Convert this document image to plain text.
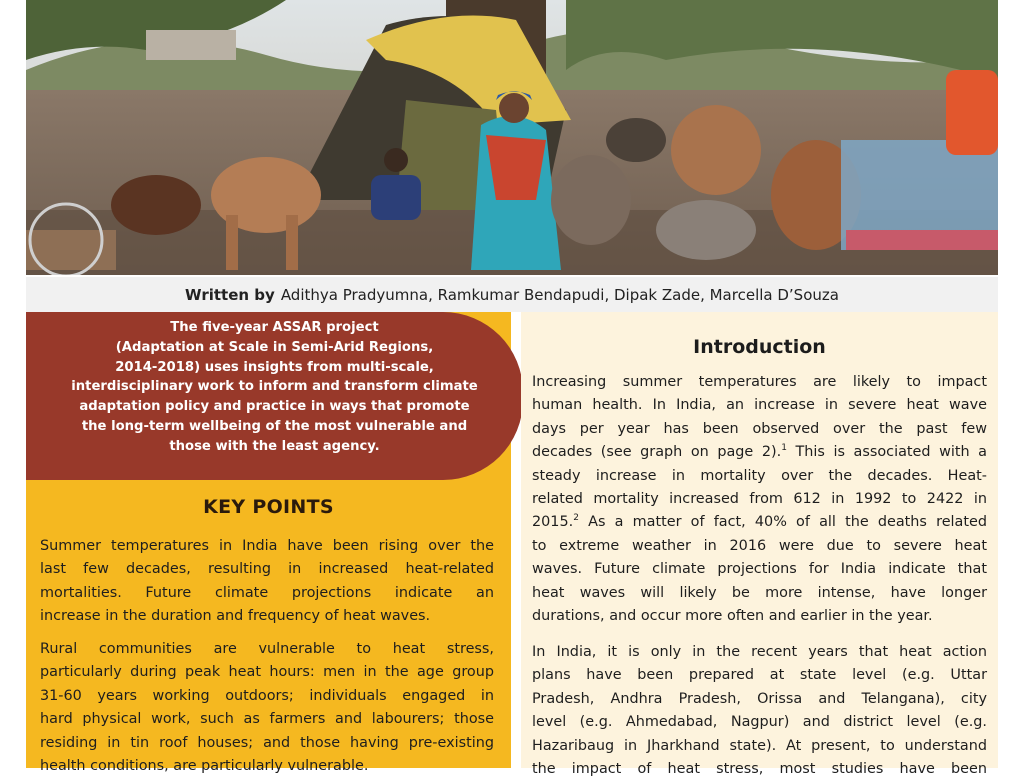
Written by Adithya Pradyumna, Ramkumar Bendapudi, Dipak Zade, Marcella D’Souza
The five-year ASSAR project
(Adaptation at Scale in Semi-Arid Regions,
2014-2018) uses insights from multi-scale,
interdisciplinary work to inform and transform climate
adaptation policy and practice in ways that promote
the long-term wellbeing of the most vulnerable and
those with the least agency.
KEY POINTS
Summer temperatures in India have been rising over the
last few decades, resulting in increased heat-related
mortalities. Future climate projections indicate an
increase in the duration and frequency of heat waves.
Rural communities are vulnerable to heat stress,
particularly during peak heat hours: men in the age group
31-60 years working outdoors; individuals engaged in
hard physical work, such as farmers and labourers; those
residing in tin roof houses; and those having pre-existing
health conditions, are particularly vulnerable.
Introduction
Increasing summer temperatures are likely to impact
human health. In India, an increase in severe heat wave
days per year has been observed over the past few
decades (see graph on page 2).$^1$ This is associated with a
steady increase in mortality over the decades. Heat-
related mortality increased from 612 in 1992 to 2422 in
2015.$^2$ As a matter of fact, 40% of all the deaths related
to extreme weather in 2016 were due to severe heat
waves. Future climate projections for India indicate that
heat waves will likely be more intense, have longer
durations, and occur more often and earlier in the year.
In India, it is only in the recent years that heat action
plans have been prepared at state level (e.g. Uttar
Pradesh, Andhra Pradesh, Orissa and Telangana), city
level (e.g. Ahmedabad, Nagpur) and district level (e.g.
Hazaribaug in Jharkhand state). At present, to understand
the impact of heat stress, most studies have been
